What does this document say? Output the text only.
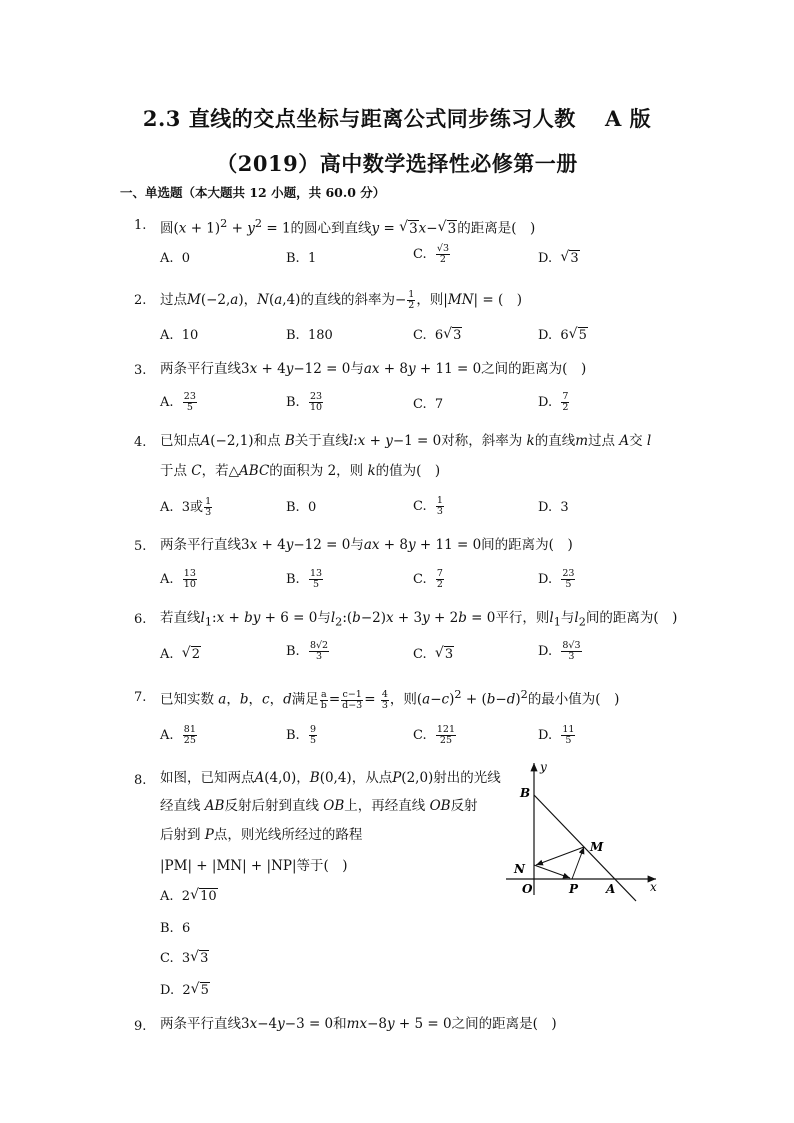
2.3 直线的交点坐标与距离公式同步练习人教　 A 版
（2019）高中数学选择性必修第一册
一、单选题（本大题共 12 小题，共 60.0 分）
1. 圆$(x + 1)^2 + y^2 = 1$的圆心到直线y = √ 3x− √ 3的距离是(　)
A.  0	B.  1	C. $\frac{√3}{2}$	D.  √ 3
2. 过点M(−2,a)，N(a,4)的直线的斜率为− $\frac{1}{2}$ ，则|MN| = (　)
A.  10	B.  180	C.  6 √ 3	D.  6 √ 5
3. 两条平行直线3x + 4y−12 = 0与ax + 8y + 11 = 0之间的距离为(　)
A. $\frac{23}{5}$	B. $\frac{23}{10}$	C.  7	D. $\frac{7}{2}$
4. 已知点A(−2,1)和点 B关于直线l:x + y−1 = 0对称，斜率为 k的直线m过点 A交 l
于点 C，若△ABC的面积为 2，则 k的值为(　)
A.  3或 $\frac{1}{3}$	B.  0	C. $\frac{1}{3}$	D.  3
5. 两条平行直线3x + 4y−12 = 0与ax + 8y + 11 = 0间的距离为(　)
A. $\frac{13}{10}$	B. $\frac{13}{5}$	C. $\frac{7}{2}$	D. $\frac{23}{5}$
6. 若直线$l_1:x$ + by + 6 = 0与$l_2:(b-2)x + 3y + 2b = 0$平行，则$l_1$与$l_2$间的距离为(　)
A.  √ 2	B. $\frac{8√2}{3}$	C.  √ 3	D. $\frac{8√3}{3}$
7. 已知实数 a，b，c，d满足 $\frac{a}{b} = \frac{c-1}{d-3} = \frac{4}{3}$ ，则$(a-c)^2 + (b-d)^2$的最小值为(　)
A. $\frac{81}{25}$	B. $\frac{9}{5}$	C. $\frac{121}{25}$	D. $\frac{11}{5}$
8. 如图，已知两点A(4,0)，B(0,4)，从点P(2,0)射出的光线
经直线 AB反射后射到直线 OB上，再经直线 OB反射
后射到 P点，则光线所经过的路程
|PM| + |MN| + |NP|等于(　)
A.  2 √ 10
B.  6
C.  3 √ 3
D.  2 √ 5
y
B
M
N
O	P A	x
9. 两条平行直线3x−4y−3 = 0和mx−8y + 5 = 0之间的距离是(　)
